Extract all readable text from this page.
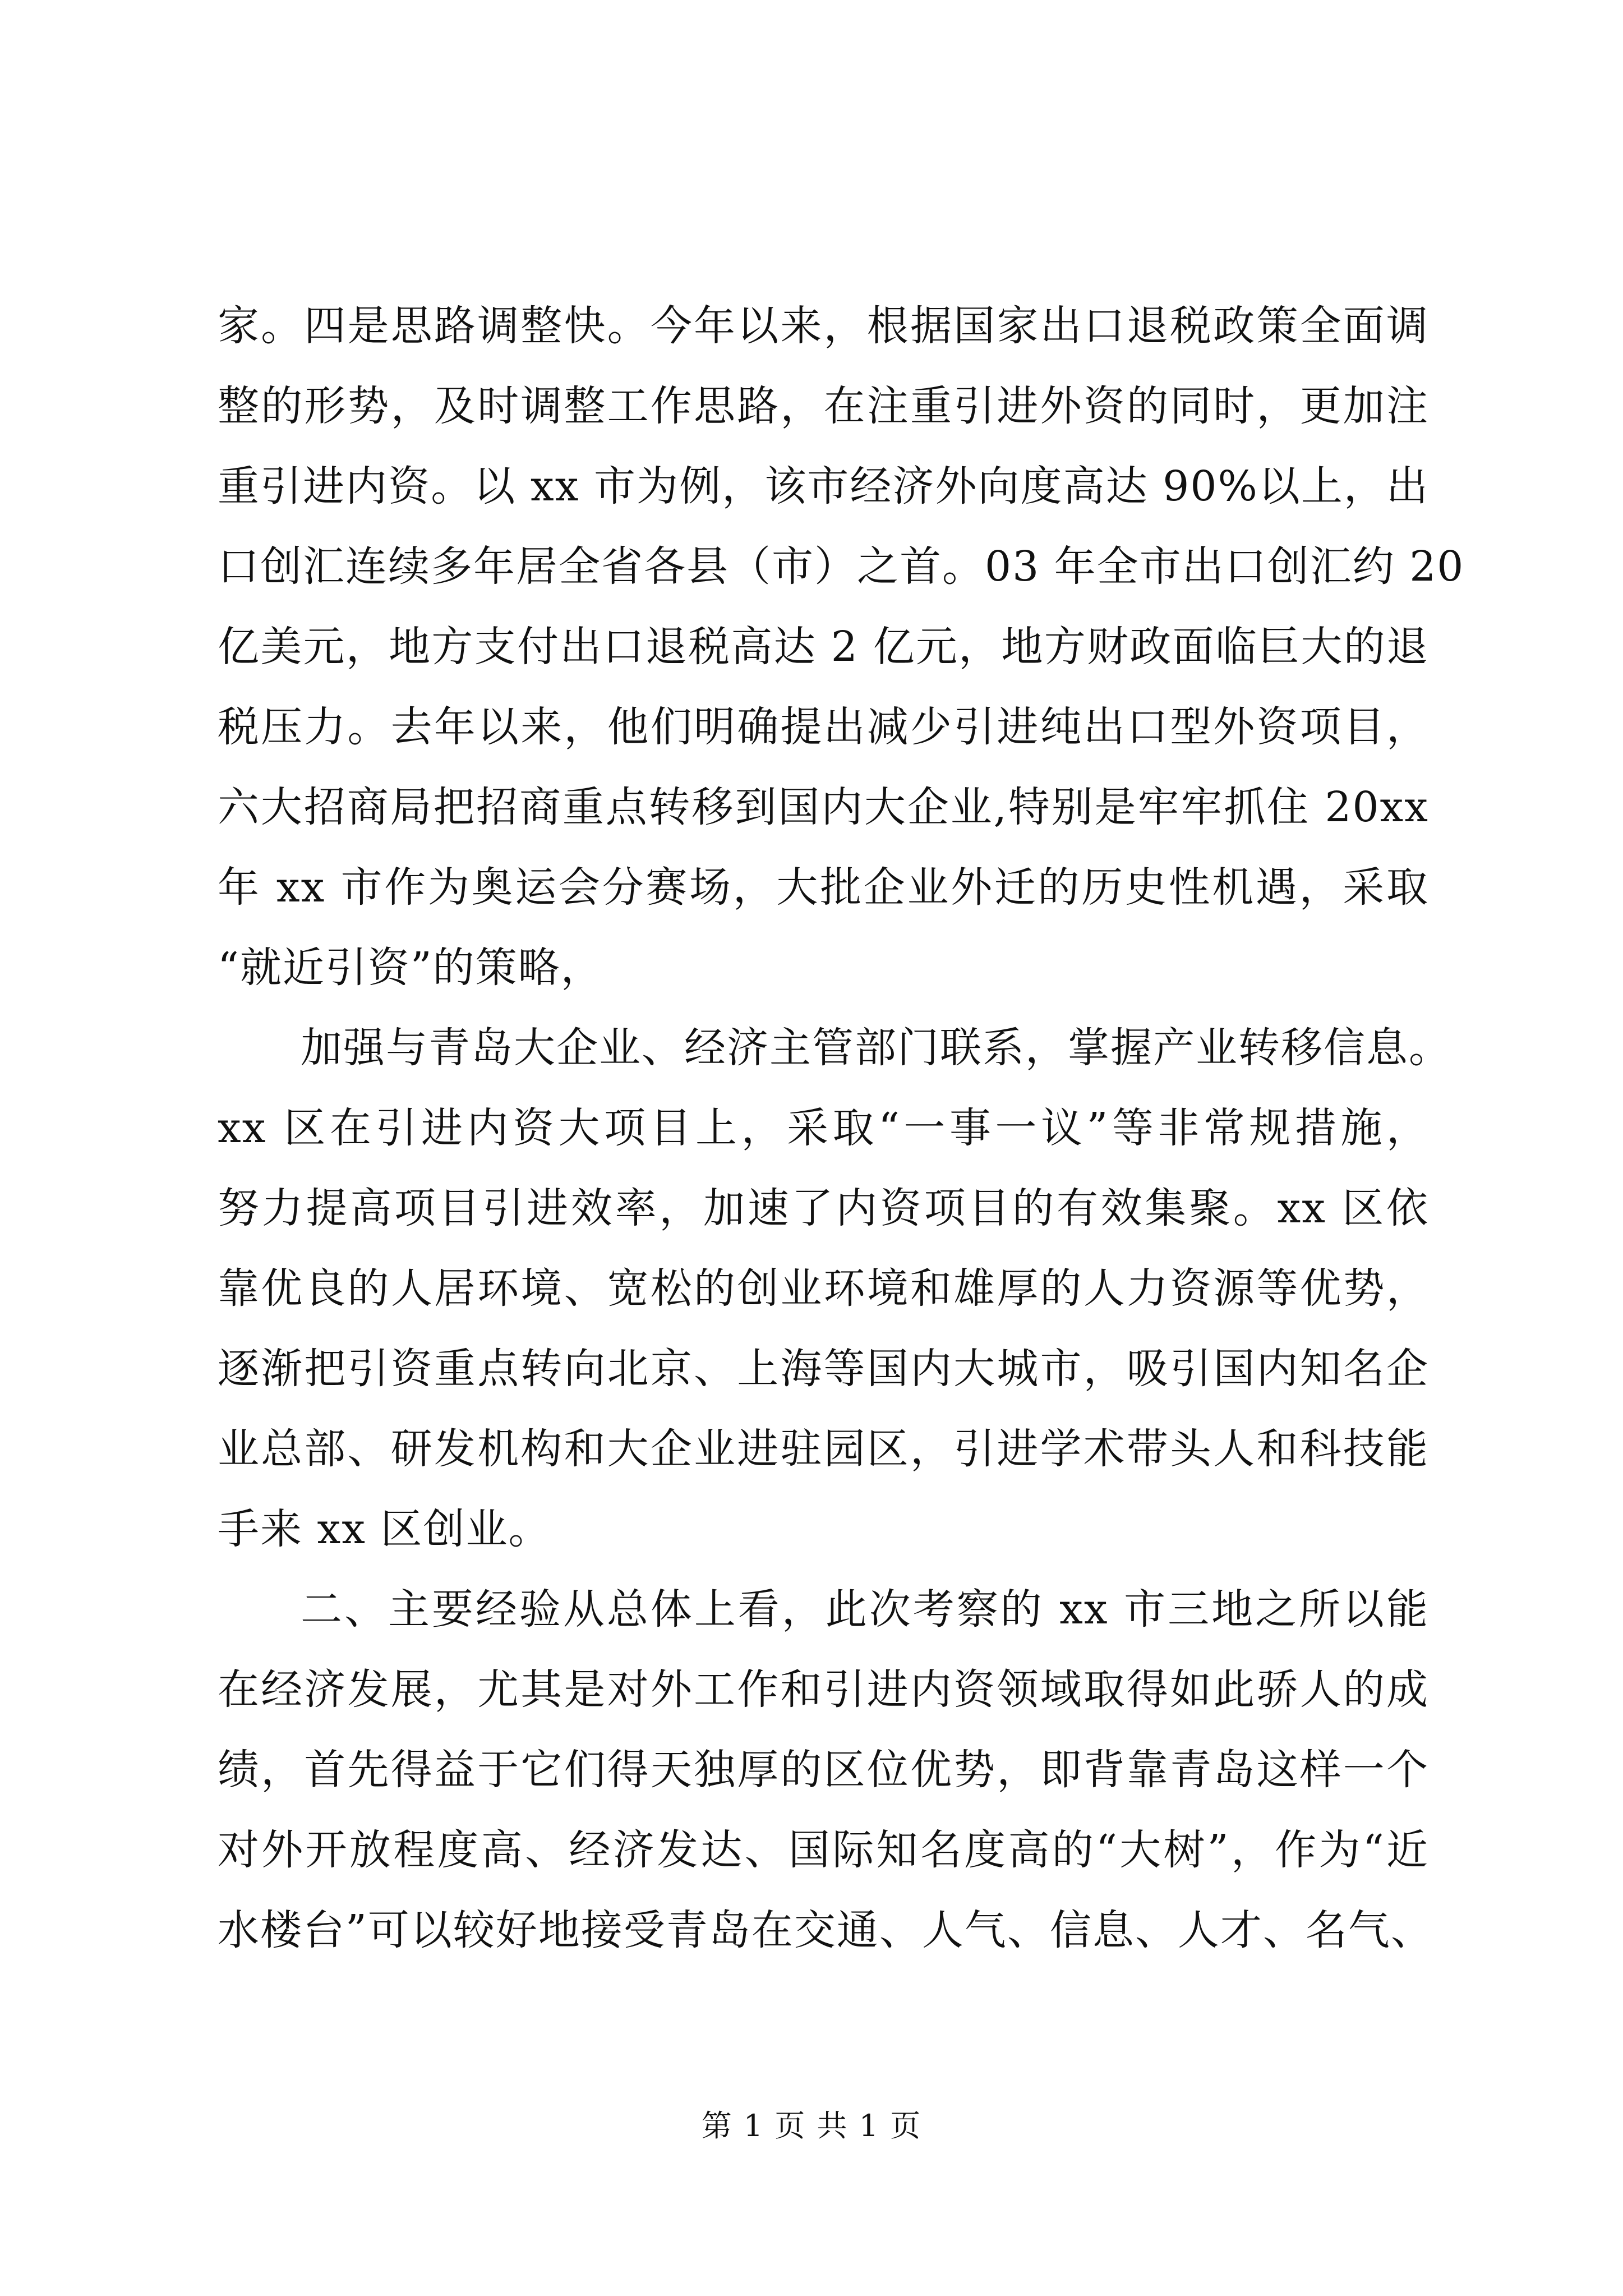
家。四是思路调整快。今年以来，根据国家出口退税政策全面调
整的形势，及时调整工作思路，在注重引进外资的同时，更加注
重引进内资。以 xx 市为例，该市经济外向度高达 90%以上，出
口创汇连续多年居全省各县（市）之首。03 年全市出口创汇约 20
亿美元，地方支付出口退税高达 2 亿元，地方财政面临巨大的退
税压力。去年以来，他们明确提出减少引进纯出口型外资项目，
六大招商局把招商重点转移到国内大企业,特别是牢牢抓住 20xx
年 xx 市作为奥运会分赛场，大批企业外迁的历史性机遇，采取
“就近引资”的策略，
加强与青岛大企业、经济主管部门联系，掌握产业转移信息。
xx 区在引进内资大项目上，采取“一事一议”等非常规措施，
努力提高项目引进效率，加速了内资项目的有效集聚。xx 区依
靠优良的人居环境、宽松的创业环境和雄厚的人力资源等优势，
逐渐把引资重点转向北京、上海等国内大城市，吸引国内知名企
业总部、研发机构和大企业进驻园区，引进学术带头人和科技能
手来 xx 区创业。
二、主要经验从总体上看，此次考察的 xx 市三地之所以能
在经济发展，尤其是对外工作和引进内资领域取得如此骄人的成
绩，首先得益于它们得天独厚的区位优势，即背靠青岛这样一个
对外开放程度高、经济发达、国际知名度高的“大树”，作为“近
水楼台”可以较好地接受青岛在交通、人气、信息、人才、名气、
第 1 页 共 1 页
